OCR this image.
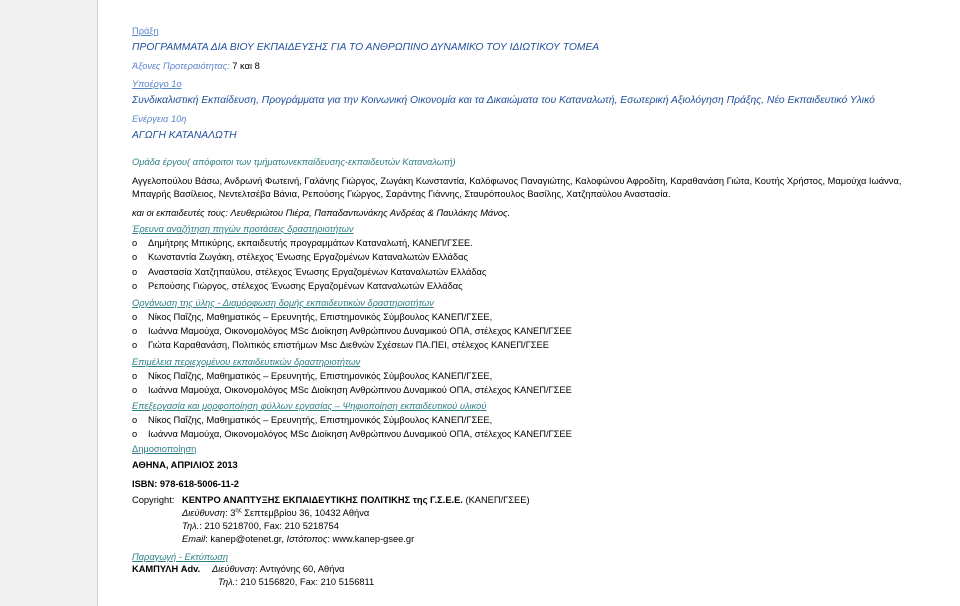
Πράξη
ΠΡΟΓΡΑΜΜΑΤΑ ΔΙΑ ΒΙΟΥ ΕΚΠΑΙΔΕΥΣΗΣ ΓΙΑ ΤΟ ΑΝΘΡΩΠΙΝΟ ΔΥΝΑΜΙΚΟ ΤΟΥ ΙΔΙΩΤΙΚΟΥ ΤΟΜΕΑ
Άξονες Προτεραιότητας: 7 και 8
Υποέργο 1ο
Συνδικαλιστική Εκπαίδευση, Προγράμματα για την Κοινωνική Οικονομία και τα Δικαιώματα του Καταναλωτή, Εσωτερική Αξιολόγηση Πράξης, Νέο Εκπαιδευτικό Υλικό
Ενέργεια 10η
ΑΓΩΓΗ ΚΑΤΑΝΑΛΩΤΗ
Ομάδα έργου( απόφοιτοι των τμήματωνεκπαίδευσης-εκπαιδευτών Καταναλωτή)
Αγγελοπούλου Βάσω, Ανδρωνή Φωτεινή, Γαλάνης Γιώργος, Ζωγάκη Κωνσταντία, Καλόφωνος Παναγιώτης, Καλοφώνου Αφροδίτη, Καραθανάση Γιώτα, Κουτής Χρήστος, Μαμούχα Ιωάννα,
Μπαγρής Βασίλειος, Νεντελτσέβα Βάνια, Ρεπούσης Γιώργος, Σαράντης Γιάννης, Σταυρόπουλος Βασίλης, Χατζηπαύλου Αναστασία.
και οι εκπαιδευτές τους: Λευθεριώτου Πιέρα, Παπαδαντωνάκης Ανδρέας & Παυλάκης Μάνος.
Έρευνα αναζήτηση πηγών προτάσεις δραστηριοτήτων
o Δημήτρης Μπικύρης, εκπαιδευτής προγραμμάτων Καταναλωτή, ΚΑΝΕΠ/ΓΣΕΕ.
o Κωνσταντία Ζωγάκη, στέλεχος Ένωσης Εργαζομένων Καταναλωτών Ελλάδας
o Αναστασία Χατζηπαύλου, στέλεχος Ένωσης Εργαζομένων Καταναλωτών Ελλάδας
o Ρεπούσης Γιώργος, στέλεχος Ένωσης Εργαζομένων Καταναλωτών Ελλάδας
Οργάνωση της ύλης - Διαμόρφωση δομής εκπαιδευτικών δραστηριοτήτων
o Νίκος Παΐζης, Μαθηματικός – Ερευνητής, Επιστημονικός Σύμβουλος ΚΑΝΕΠ/ΓΣΕΕ,
o Ιωάννα Μαμούχα, Οικονομολόγος MSc Διοίκηση Ανθρώπινου Δυναμικού ΟΠΑ, στέλεχος ΚΑΝΕΠ/ΓΣΕΕ
o Γιώτα Καραθανάση, Πολιτικός επιστήμων Msc Διεθνών Σχέσεων ΠΑ.ΠΕΙ, στέλεχος ΚΑΝΕΠ/ΓΣΕΕ
Επιμέλεια περιεχομένου εκπαιδευτικών δραστηριοτήτων
o Νίκος Παΐζης, Μαθηματικός – Ερευνητής, Επιστημονικός Σύμβουλος ΚΑΝΕΠ/ΓΣΕΕ,
o Ιωάννα Μαμούχα, Οικονομολόγος MSc Διοίκηση Ανθρώπινου Δυναμικού ΟΠΑ, στέλεχος ΚΑΝΕΠ/ΓΣΕΕ
Επεξεργασία και μορφοποίηση φύλλων εργασίας – Ψηφιοποίηση εκπαιδευτικού υλικού
o Νίκος Παΐζης, Μαθηματικός – Ερευνητής, Επιστημονικός Σύμβουλος ΚΑΝΕΠ/ΓΣΕΕ,
o Ιωάννα Μαμούχα, Οικονομολόγος MSc Διοίκηση Ανθρώπινου Δυναμικού ΟΠΑ, στέλεχος ΚΑΝΕΠ/ΓΣΕΕ
Δημοσιοποίηση
ΑΘΗΝΑ, ΑΠΡΙΛΙΟΣ 2013
ISBN: 978-618-5006-11-2
Copyright: ΚΕΝΤΡΟ ΑΝΑΠΤΥΞΗΣ ΕΚΠΑΙΔΕΥΤΙΚΗΣ ΠΟΛΙΤΙΚΗΣ της Γ.Σ.Ε.Ε. (ΚΑΝΕΠ/ΓΣΕΕ)
Διεύθυνση: $3^{\eta\varsigma}$ Σεπτεμβρίου 36, 10432 Αθήνα
Τηλ.: 210 5218700, Fax: 210 5218754
Email: kanep@otenet.gr, Ιστότοπος: www.kanep-gsee.gr
Παραγωγή - Εκτύπωση
ΚΑΜΠΥΛΗ Adv. Διεύθυνση: Αντιγόνης 60, Αθήνα
Τηλ.: 210 5156820, Fax: 210 5156811
